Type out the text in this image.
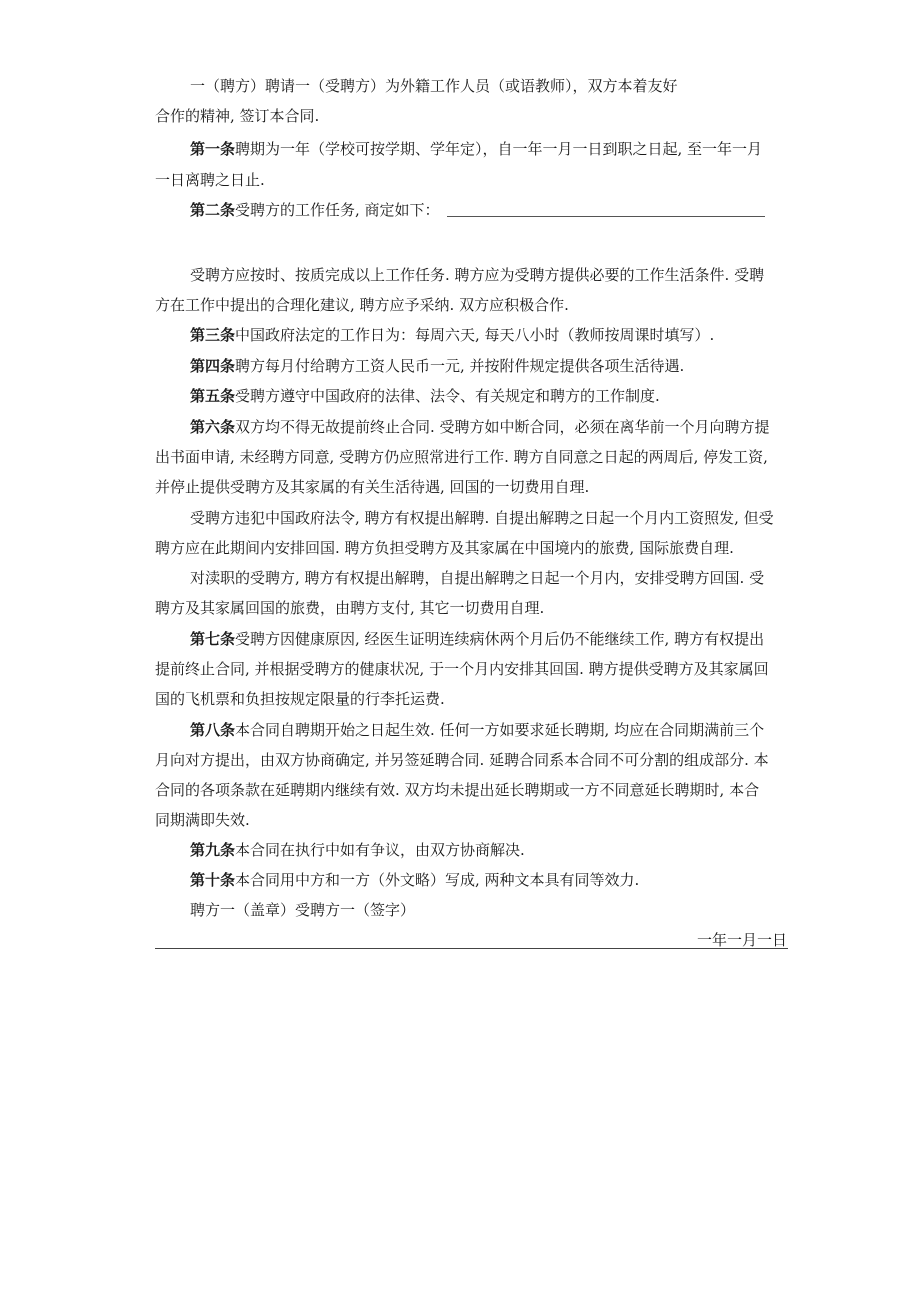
一（聘方）聘请一（受聘方）为外籍工作人员（或语教师），双方本着友好
合作的精神, 签订本合同.
第一条聘期为一年（学校可按学期、学年定），自一年一月一日到职之日起, 至一年一月
一日离聘之日止.
第二条受聘方的工作任务, 商定如下：
受聘方应按时、按质完成以上工作任务. 聘方应为受聘方提供必要的工作生活条件. 受聘
方在工作中提出的合理化建议, 聘方应予采纳. 双方应积极合作.
第三条中国政府法定的工作日为：每周六天, 每天八小时（教师按周课时填写）.
第四条聘方每月付给聘方工资人民币一元, 并按附件规定提供各项生活待遇.
第五条受聘方遵守中国政府的法律、法令、有关规定和聘方的工作制度.
第六条双方均不得无故提前终止合同. 受聘方如中断合同，必须在离华前一个月向聘方提
出书面申请, 未经聘方同意, 受聘方仍应照常进行工作. 聘方自同意之日起的两周后, 停发工资,
并停止提供受聘方及其家属的有关生活待遇, 回国的一切费用自理.
受聘方违犯中国政府法令, 聘方有权提出解聘. 自提出解聘之日起一个月内工资照发, 但受
聘方应在此期间内安排回国. 聘方负担受聘方及其家属在中国境内的旅费, 国际旅费自理.
对渎职的受聘方, 聘方有权提出解聘，自提出解聘之日起一个月内，安排受聘方回国. 受
聘方及其家属回国的旅费，由聘方支付, 其它一切费用自理.
第七条受聘方因健康原因, 经医生证明连续病休两个月后仍不能继续工作, 聘方有权提出
提前终止合同, 并根据受聘方的健康状况, 于一个月内安排其回国. 聘方提供受聘方及其家属回
国的飞机票和负担按规定限量的行李托运费.
第八条本合同自聘期开始之日起生效. 任何一方如要求延长聘期, 均应在合同期满前三个
月向对方提出，由双方协商确定, 并另签延聘合同. 延聘合同系本合同不可分割的组成部分. 本
合同的各项条款在延聘期内继续有效. 双方均未提出延长聘期或一方不同意延长聘期时, 本合
同期满即失效.
第九条本合同在执行中如有争议，由双方协商解决.
第十条本合同用中方和一方（外文略）写成, 两种文本具有同等效力.
聘方一（盖章）受聘方一（签字）
一年一月一日
